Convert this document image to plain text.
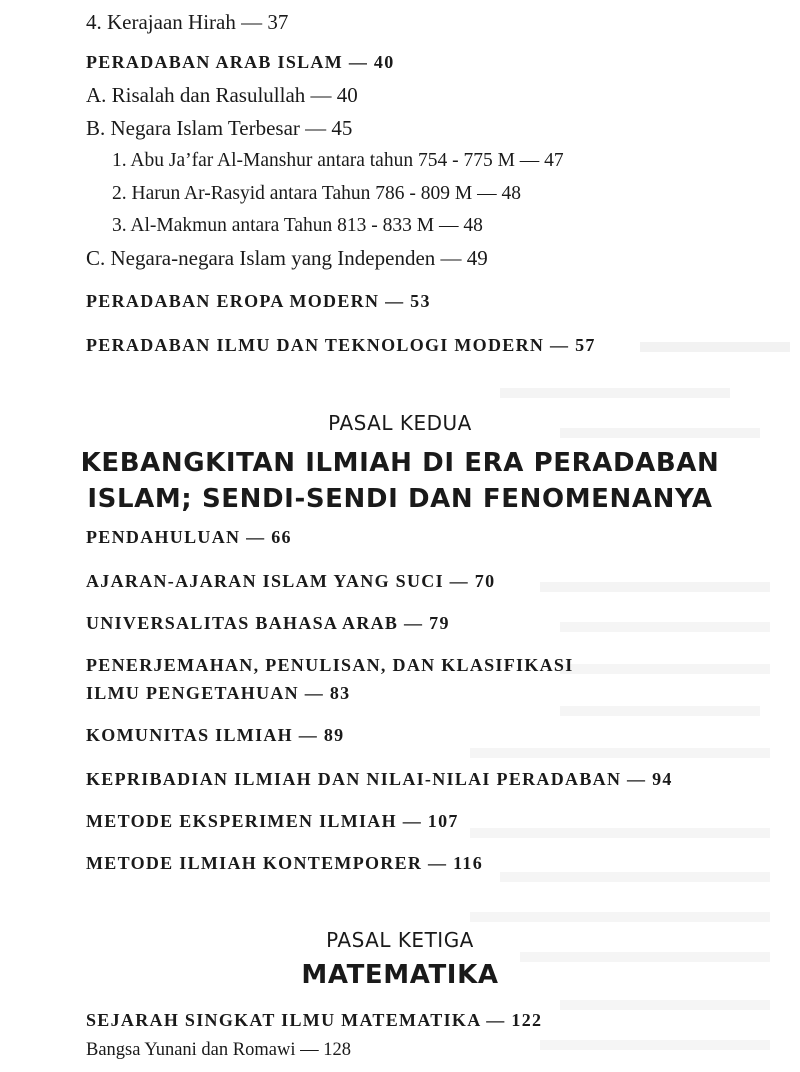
4. Kerajaan Hirah — 37
PERADABAN ARAB ISLAM — 40
A. Risalah dan Rasulullah — 40
B. Negara Islam Terbesar — 45
1. Abu Ja’far Al-Manshur antara tahun 754 - 775 M — 47
2. Harun Ar-Rasyid antara Tahun 786 - 809 M — 48
3. Al-Makmun antara Tahun 813 - 833 M — 48
C. Negara-negara Islam yang Independen — 49
PERADABAN EROPA MODERN — 53
PERADABAN ILMU DAN TEKNOLOGI MODERN — 57
PASAL KEDUA
KEBANGKITAN ILMIAH DI ERA PERADABAN
ISLAM; SENDI-SENDI DAN FENOMENANYA
PENDAHULUAN — 66
AJARAN-AJARAN ISLAM YANG SUCI — 70
UNIVERSALITAS BAHASA ARAB — 79
PENERJEMAHAN, PENULISAN, DAN KLASIFIKASI
ILMU PENGETAHUAN — 83
KOMUNITAS ILMIAH — 89
KEPRIBADIAN ILMIAH DAN NILAI-NILAI PERADABAN — 94
METODE EKSPERIMEN ILMIAH — 107
METODE ILMIAH KONTEMPORER — 116
PASAL KETIGA
MATEMATIKA
SEJARAH SINGKAT ILMU MATEMATIKA — 122
Bangsa Yunani dan Romawi — 128
